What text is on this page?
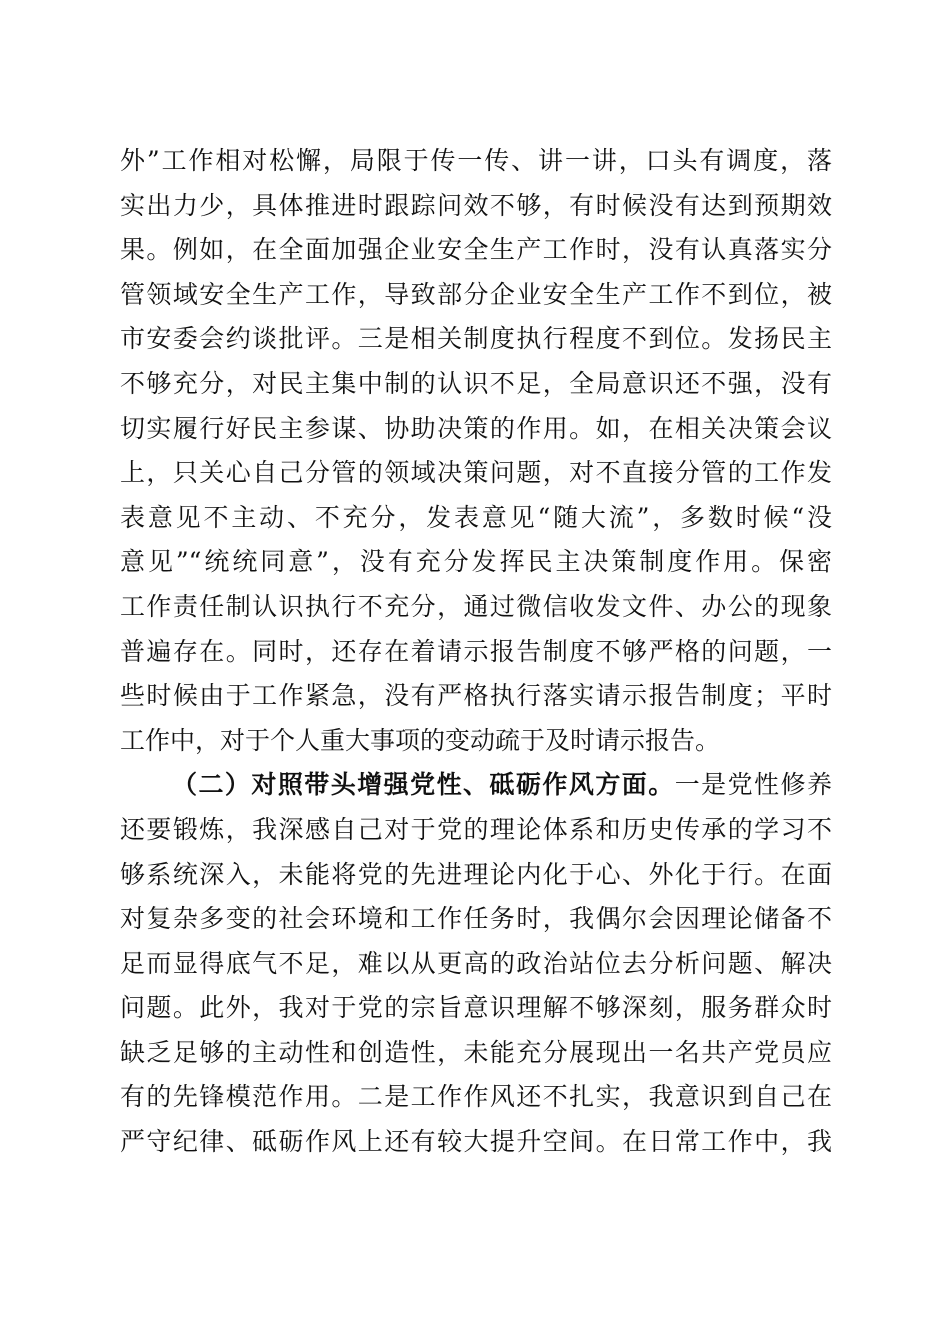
外”工作相对松懈，局限于传一传、讲一讲，口头有调度，落
实出力少，具体推进时跟踪问效不够，有时候没有达到预期效
果。例如，在全面加强企业安全生产工作时，没有认真落实分
管领域安全生产工作，导致部分企业安全生产工作不到位，被
市安委会约谈批评。三是相关制度执行程度不到位。发扬民主
不够充分，对民主集中制的认识不足，全局意识还不强，没有
切实履行好民主参谋、协助决策的作用。如，在相关决策会议
上，只关心自己分管的领域决策问题，对不直接分管的工作发
表意见不主动、不充分，发表意见“随大流”，多数时候“没
意见”“统统同意”，没有充分发挥民主决策制度作用。保密
工作责任制认识执行不充分，通过微信收发文件、办公的现象
普遍存在。同时，还存在着请示报告制度不够严格的问题，一
些时候由于工作紧急，没有严格执行落实请示报告制度；平时
工作中，对于个人重大事项的变动疏于及时请示报告。
（二）对照带头增强党性、砥砺作风方面。一是党性修养
还要锻炼，我深感自己对于党的理论体系和历史传承的学习不
够系统深入，未能将党的先进理论内化于心、外化于行。在面
对复杂多变的社会环境和工作任务时，我偶尔会因理论储备不
足而显得底气不足，难以从更高的政治站位去分析问题、解决
问题。此外，我对于党的宗旨意识理解不够深刻，服务群众时
缺乏足够的主动性和创造性，未能充分展现出一名共产党员应
有的先锋模范作用。二是工作作风还不扎实，我意识到自己在
严守纪律、砥砺作风上还有较大提升空间。在日常工作中，我
